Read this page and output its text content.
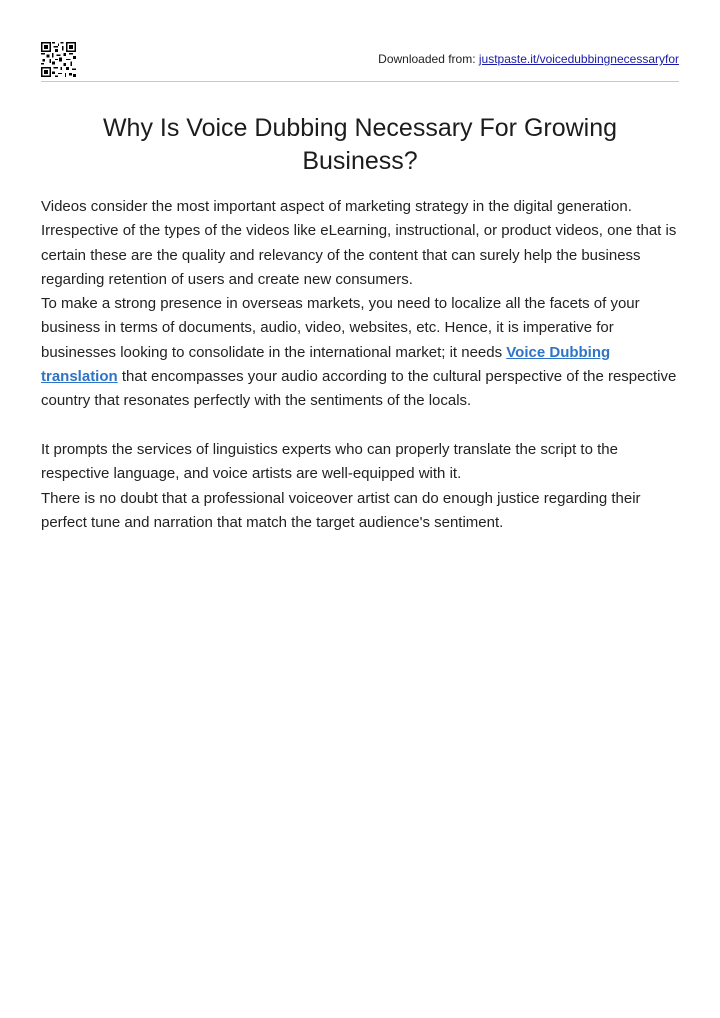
Downloaded from: justpaste.it/voicedubbingnecessaryfor
Why Is Voice Dubbing Necessary For Growing Business?

Videos consider the most important aspect of marketing strategy in the digital generation. Irrespective of the types of the videos like eLearning, instructional, or product videos, one that is certain these are the quality and relevancy of the content that can surely help the business regarding retention of users and create new consumers.

To make a strong presence in overseas markets, you need to localize all the facets of your business in terms of documents, audio, video, websites, etc. Hence, it is imperative for businesses looking to consolidate in the international market; it needs Voice Dubbing translation that encompasses your audio according to the cultural perspective of the respective country that resonates perfectly with the sentiments of the locals.

It prompts the services of linguistics experts who can properly translate the script to the respective language, and voice artists are well-equipped with it.

There is no doubt that a professional voiceover artist can do enough justice regarding their perfect tune and narration that match the target audience's sentiment.
